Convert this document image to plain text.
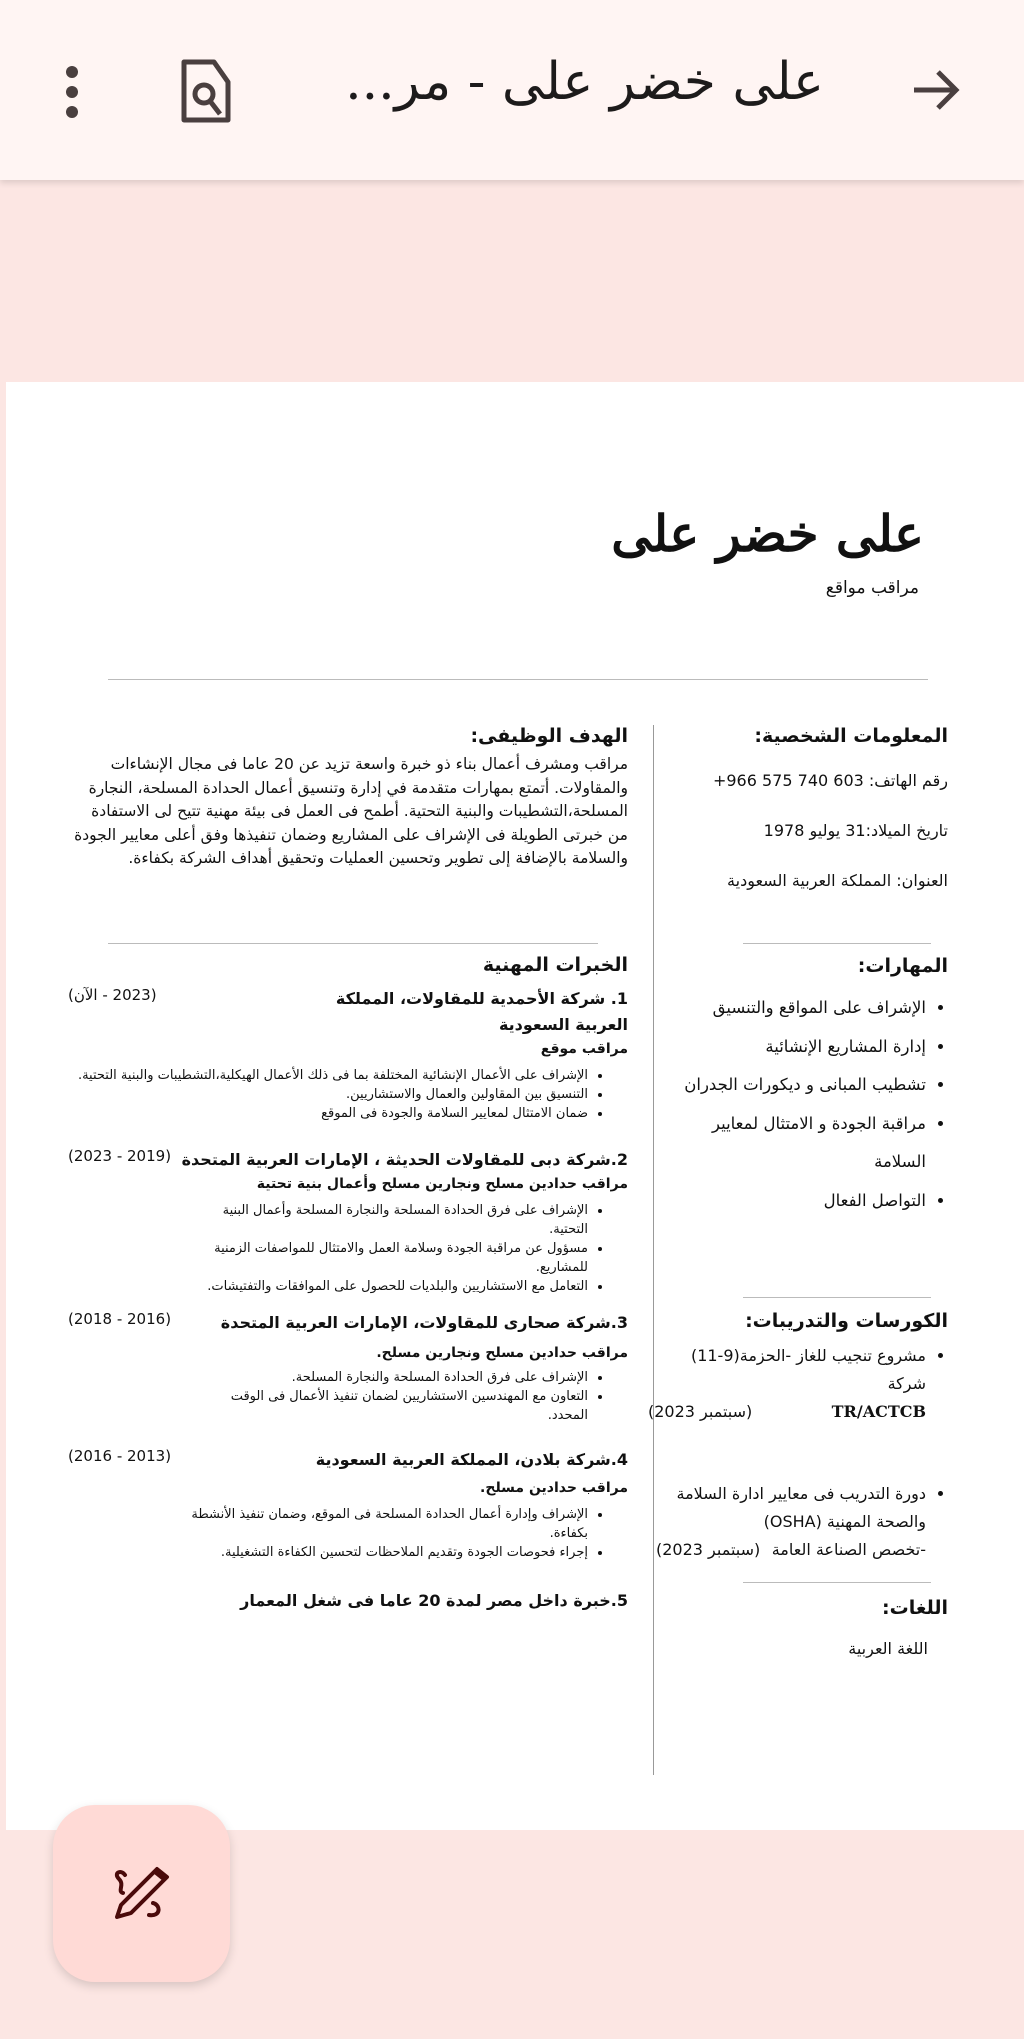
على خضر على - مر...
على خضر على
مراقب مواقع
المعلومات الشخصية:
رقم الهاتف: 603 740 575 966+
تاريخ الميلاد:31 يوليو 1978
العنوان: المملكة العربية السعودية
المهارات:
• الإشراف على المواقع والتنسيق
• إدارة المشاريع الإنشائية
• تشطيب المبانى و ديكورات الجدران
• مراقبة الجودة و الامتثال لمعايير السلامة
• التواصل الفعال
الكورسات والتدريبات:
• مشروع تنجيب للغاز -الحزمة(9-11) شركة
TR/ACTCB
(سبتمبر 2023)
• دورة التدريب فى معايير ادارة السلامة والصحة المهنية (OSHA)
-تخصص الصناعة العامة
(سبتمبر 2023)
اللغات:
اللغة العربية
الهدف الوظيفى:
مراقب ومشرف أعمال بناء ذو خبرة واسعة تزيد عن 20 عاما فى مجال الإنشاءات والمقاولات. أتمتع بمهارات متقدمة في إدارة وتنسيق أعمال الحدادة المسلحة، النجارة المسلحة،التشطيبات والبنية التحتية. أطمح فى العمل فى بيئة مهنية تتيح لى الاستفادة من خبرتى الطويلة فى الإشراف على المشاريع وضمان تنفيذها وفق أعلى معايير الجودة والسلامة بالإضافة إلى تطوير وتحسين العمليات وتحقيق أهداف الشركة بكفاءة.
الخبرات المهنية
1. شركة الأحمدية للمقاولات، المملكة العربية السعودية
(2023 - الآن)
مراقب موقع
• الإشراف على الأعمال الإنشائية المختلفة بما فى ذلك الأعمال الهيكلية،التشطيبات والبنية التحتية.
• التنسيق بين المقاولين والعمال والاستشاريين.
• ضمان الامتثال لمعايير السلامة والجودة فى الموقع
2.شركة دبى للمقاولات الحديثة ، الإمارات العربية المتحدة
(2019 - 2023)
مراقب حدادين مسلح ونجارين مسلح وأعمال بنية تحتية
• الإشراف على فرق الحدادة المسلحة والنجارة المسلحة وأعمال البنية التحتية.
• مسؤول عن مراقبة الجودة وسلامة العمل والامتثال للمواصفات الزمنية للمشاريع.
• التعامل مع الاستشاريين والبلديات للحصول على الموافقات والتفتيشات.
3.شركة صحارى للمقاولات، الإمارات العربية المتحدة
(2016 - 2018)
مراقب حدادين مسلح ونجارين مسلح.
• الإشراف على فرق الحدادة المسلحة والنجارة المسلحة.
• التعاون مع المهندسين الاستشاريين لضمان تنفيذ الأعمال فى الوقت المحدد.
4.شركة بلادن، المملكة العربية السعودية
(2013 - 2016)
مراقب حدادين مسلح.
• الإشراف وإدارة أعمال الحدادة المسلحة فى الموقع، وضمان تنفيذ الأنشطة بكفاءة.
• إجراء فحوصات الجودة وتقديم الملاحظات لتحسين الكفاءة التشغيلية.
5.خبرة داخل مصر لمدة 20 عاما فى شغل المعمار
